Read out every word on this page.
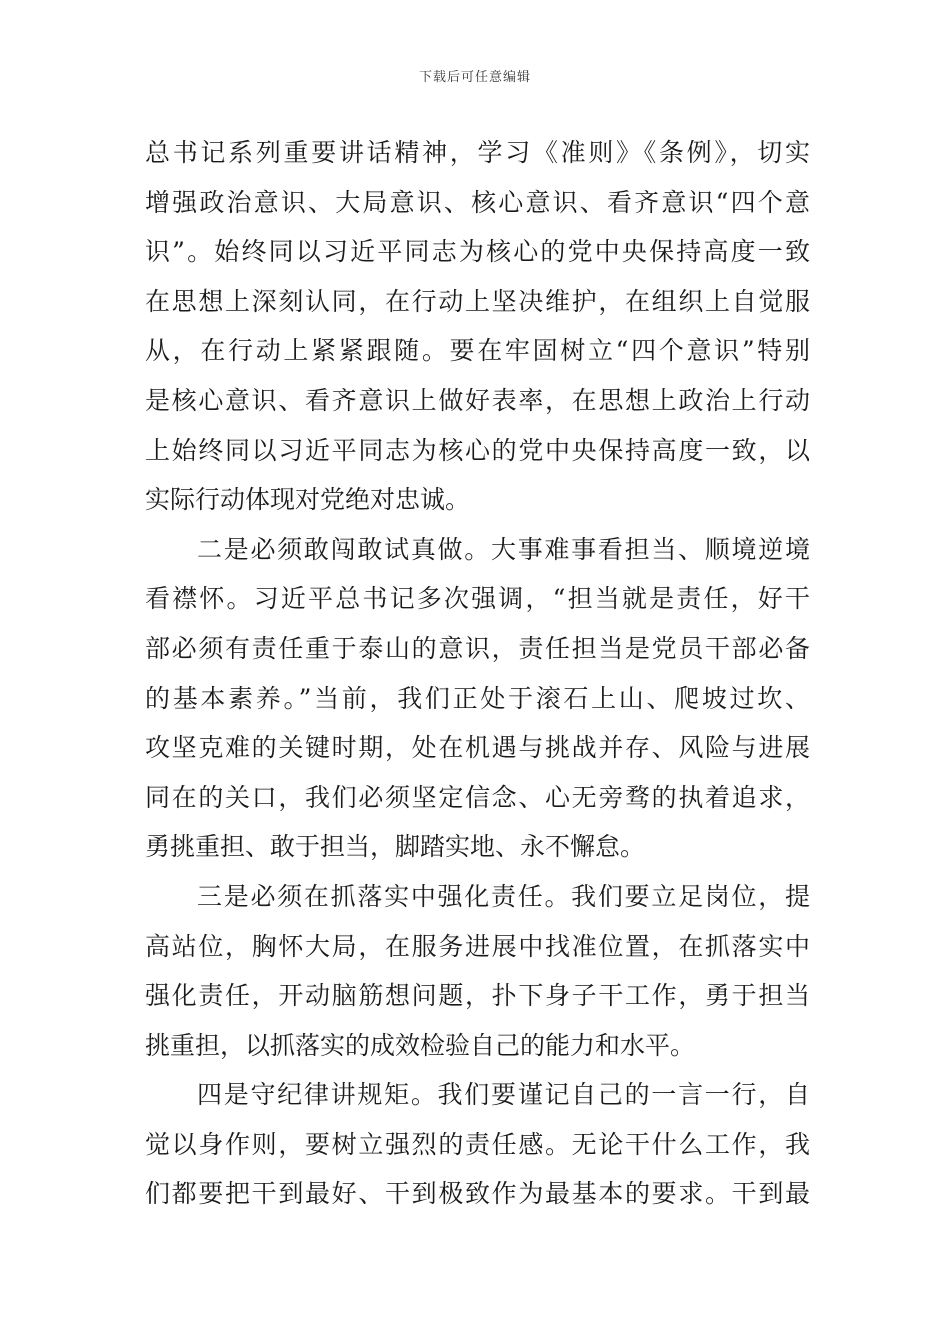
下载后可任意编辑
总书记系列重要讲话精神，学习《准则》《条例》，切实
增强政治意识、大局意识、核心意识、看齐意识“四个意
识”。始终同以习近平同志为核心的党中央保持高度一致
在思想上深刻认同，在行动上坚决维护，在组织上自觉服
从，在行动上紧紧跟随。要在牢固树立“四个意识”特别
是核心意识、看齐意识上做好表率，在思想上政治上行动
上始终同以习近平同志为核心的党中央保持高度一致，以
实际行动体现对党绝对忠诚。
二是必须敢闯敢试真做。大事难事看担当、顺境逆境
看襟怀。习近平总书记多次强调，“担当就是责任，好干
部必须有责任重于泰山的意识，责任担当是党员干部必备
的基本素养。”当前，我们正处于滚石上山、爬坡过坎、
攻坚克难的关键时期，处在机遇与挑战并存、风险与进展
同在的关口，我们必须坚定信念、心无旁骛的执着追求，
勇挑重担、敢于担当，脚踏实地、永不懈怠。
三是必须在抓落实中强化责任。我们要立足岗位，提
高站位，胸怀大局，在服务进展中找准位置，在抓落实中
强化责任，开动脑筋想问题，扑下身子干工作，勇于担当
挑重担，以抓落实的成效检验自己的能力和水平。
四是守纪律讲规矩。我们要谨记自己的一言一行，自
觉以身作则，要树立强烈的责任感。无论干什么工作，我
们都要把干到最好、干到极致作为最基本的要求。干到最
